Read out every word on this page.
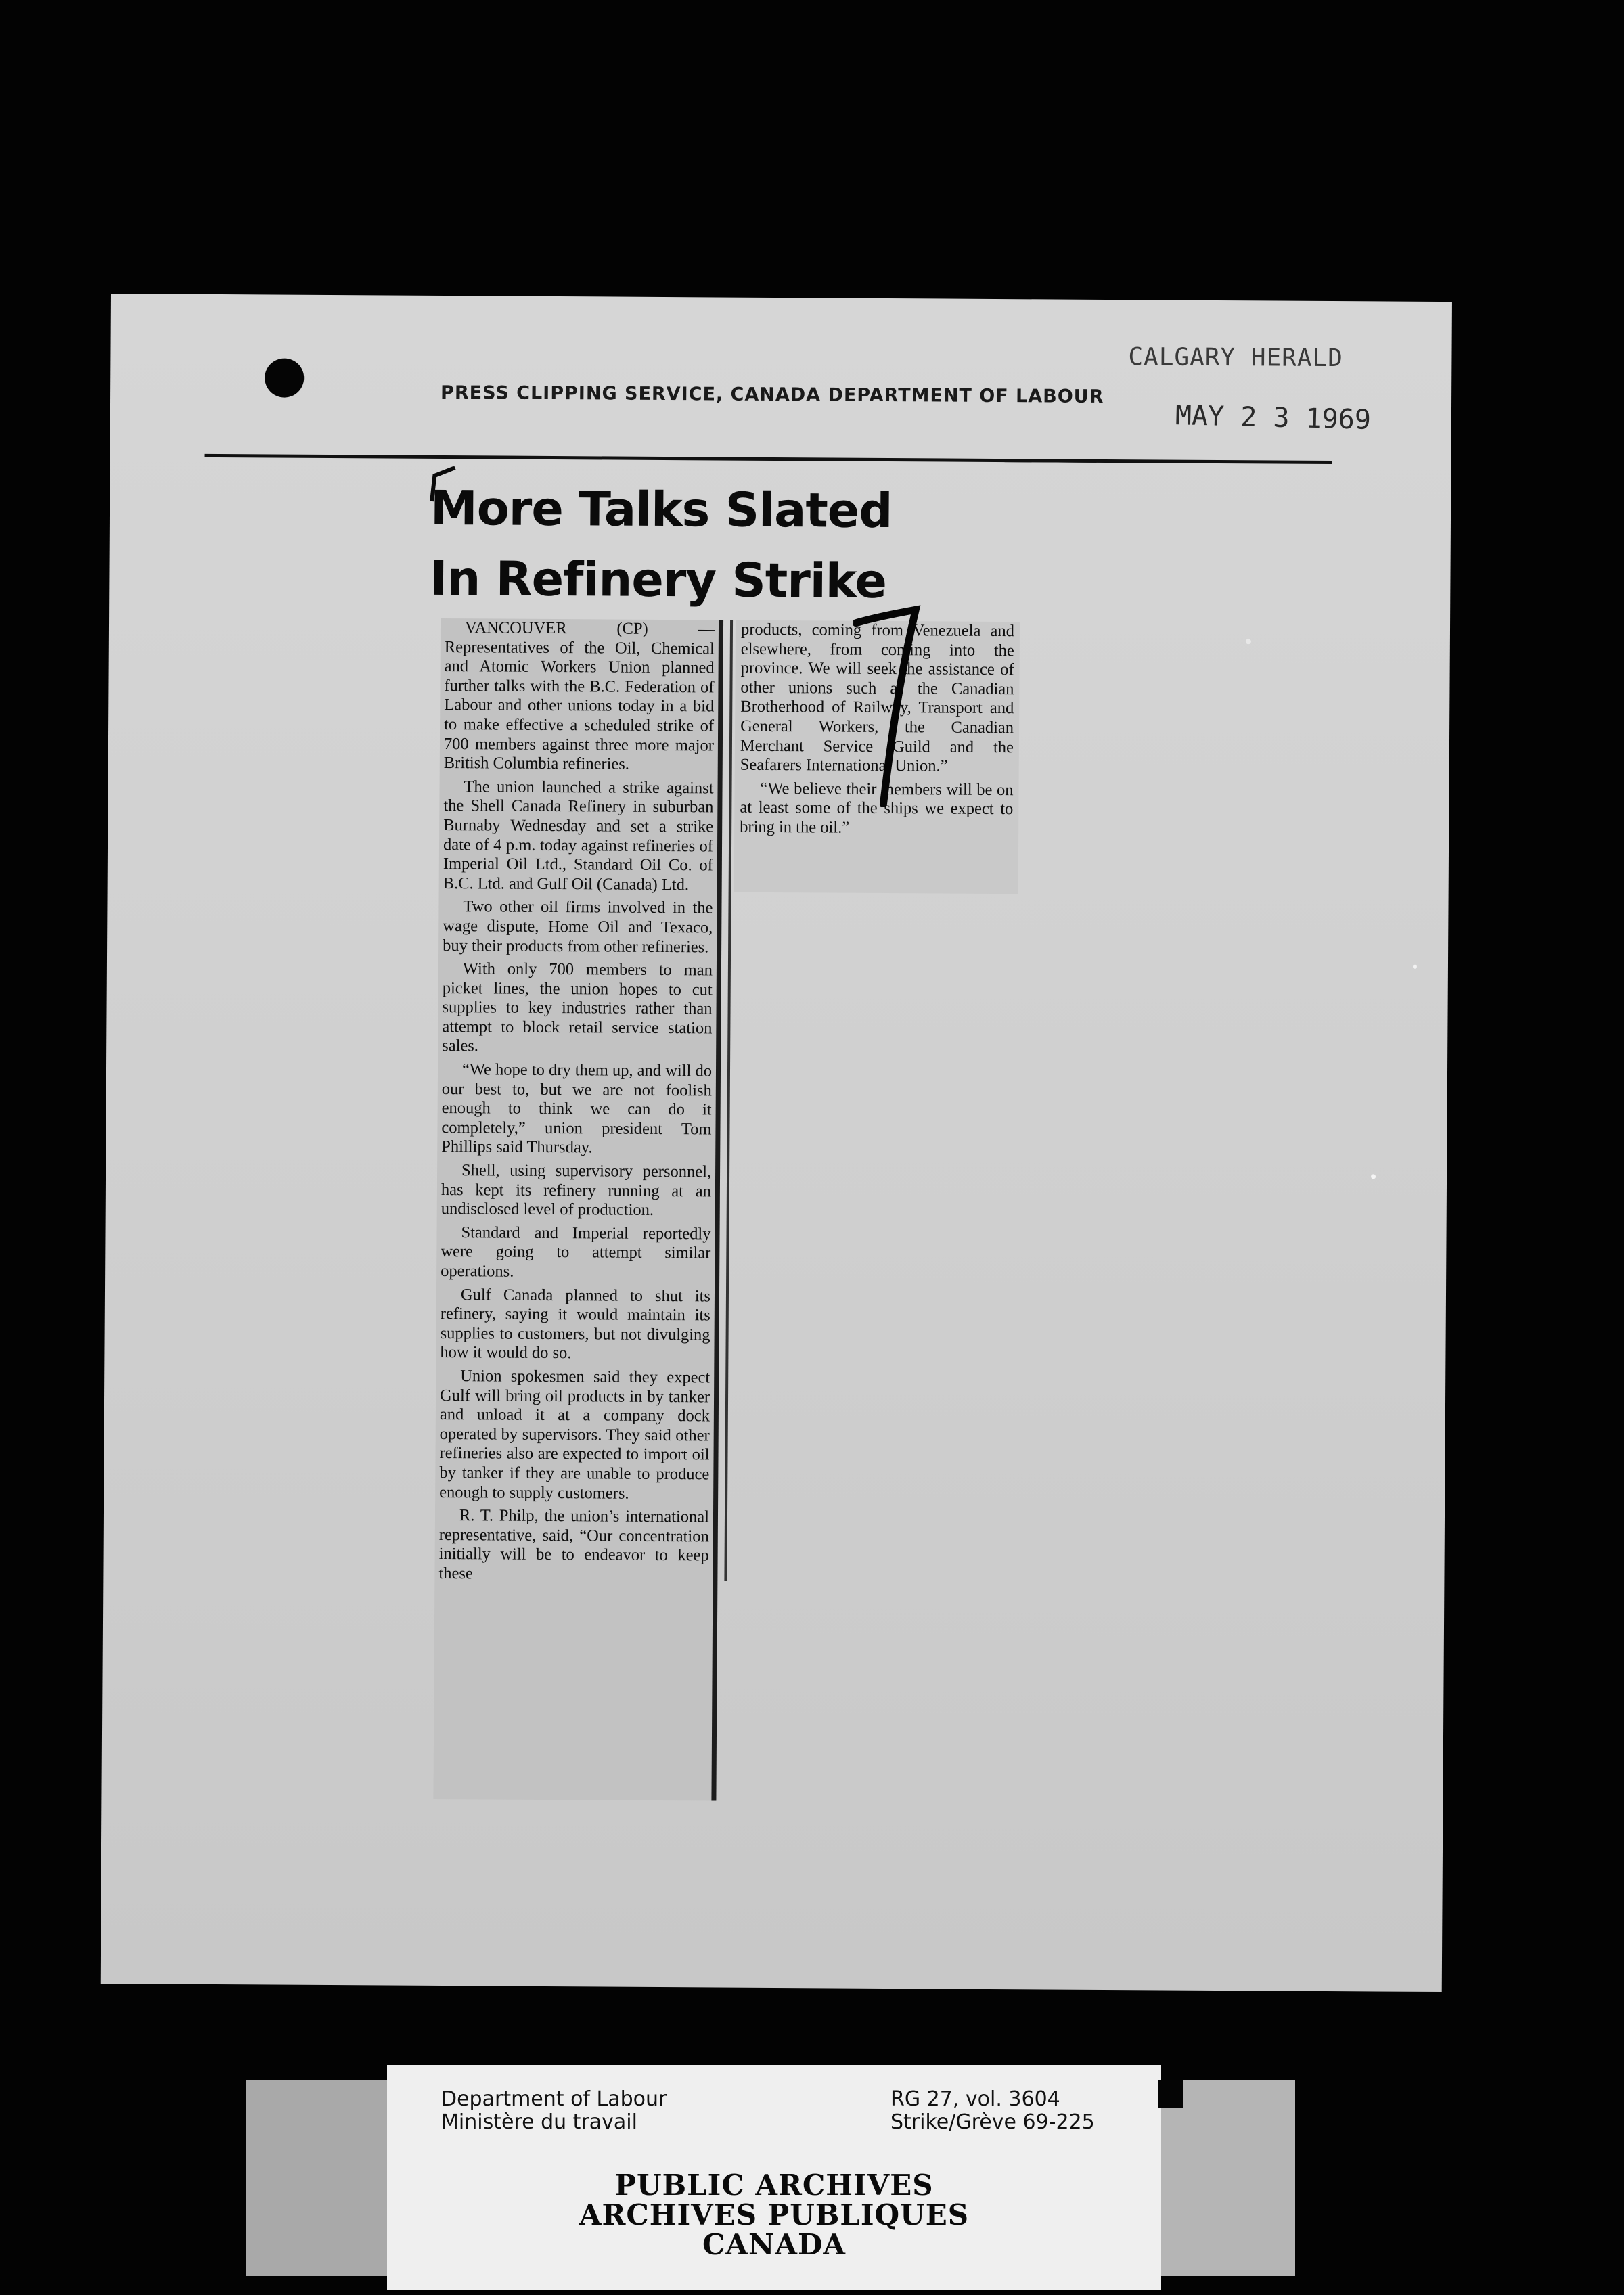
PRESS CLIPPING SERVICE, CANADA DEPARTMENT OF LABOUR
CALGARY HERALD
MAY 2 3 1969
More Talks Slated
In Refinery Strike

VANCOUVER (CP) — Representatives of the Oil, Chemical and Atomic Workers Union planned further talks with the B.C. Federation of Labour and other unions today in a bid to make effective a scheduled strike of 700 members against three more major British Columbia refineries.

The union launched a strike against the Shell Canada Refinery in suburban Burnaby Wednesday and set a strike date of 4 p.m. today against refineries of Imperial Oil Ltd., Standard Oil Co. of B.C. Ltd. and Gulf Oil (Canada) Ltd.

Two other oil firms involved in the wage dispute, Home Oil and Texaco, buy their products from other refineries.

With only 700 members to man picket lines, the union hopes to cut supplies to key industries rather than attempt to block retail service station sales.

“We hope to dry them up, and will do our best to, but we are not foolish enough to think we can do it completely,” union president Tom Phillips said Thursday.

Shell, using supervisory personnel, has kept its refinery running at an undisclosed level of production.

Standard and Imperial reportedly were going to attempt similar operations.

Gulf Canada planned to shut its refinery, saying it would maintain its supplies to customers, but not divulging how it would do so.

Union spokesmen said they expect Gulf will bring oil products in by tanker and unload it at a company dock operated by supervisors. They said other refineries also are expected to import oil by tanker if they are unable to produce enough to supply customers.

R. T. Philp, the union’s international representative, said, “Our concentration initially will be to endeavor to keep these

products, coming from Venezuela and elsewhere, from coming into the province. We will seek the assistance of other unions such as the Canadian Brotherhood of Railway, Transport and General Workers, the Canadian Merchant Service Guild and the Seafarers International Union.”

“We believe their members will be on at least some of the ships we expect to bring in the oil.”

Department of Labour
Ministère du travail
RG 27, vol. 3604
Strike/Grève 69-225
PUBLIC ARCHIVES
ARCHIVES PUBLIQUES
CANADA
